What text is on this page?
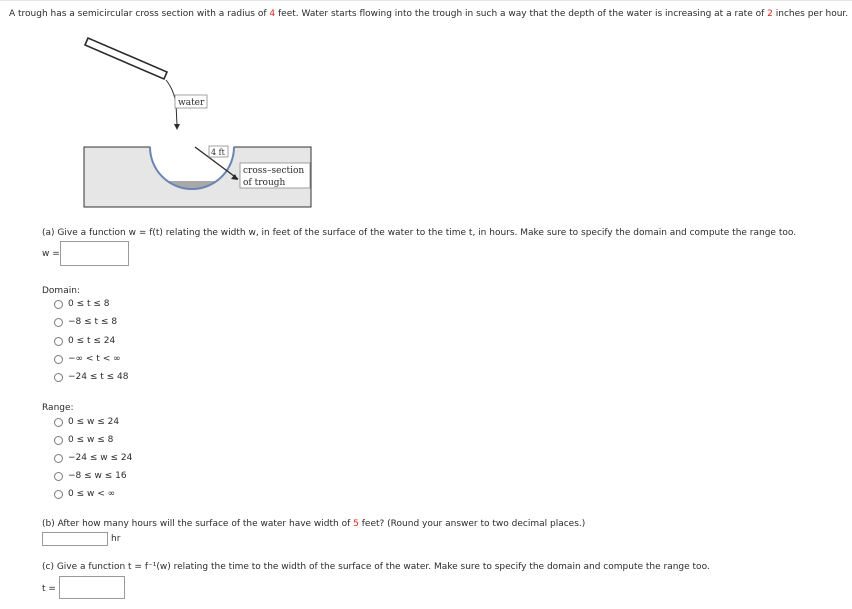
A trough has a semicircular cross section with a radius of 4 feet. Water starts flowing into the trough in such a way that the depth of the water is increasing at a rate of 2 inches per hour.
water
4 ft
cross–section
of trough
(a) Give a function w = f(t) relating the width w, in feet of the surface of the water to the time t, in hours. Make sure to specify the domain and compute the range too.
w =
Domain:
0 ≤ t ≤ 8
−8 ≤ t ≤ 8
0 ≤ t ≤ 24
−∞ < t < ∞
−24 ≤ t ≤ 48
Range:
0 ≤ w ≤ 24
0 ≤ w ≤ 8
−24 ≤ w ≤ 24
−8 ≤ w ≤ 16
0 ≤ w < ∞
(b) After how many hours will the surface of the water have width of 5 feet? (Round your answer to two decimal places.)
hr
(c) Give a function t = f⁻¹(w) relating the time to the width of the surface of the water. Make sure to specify the domain and compute the range too.
t =
